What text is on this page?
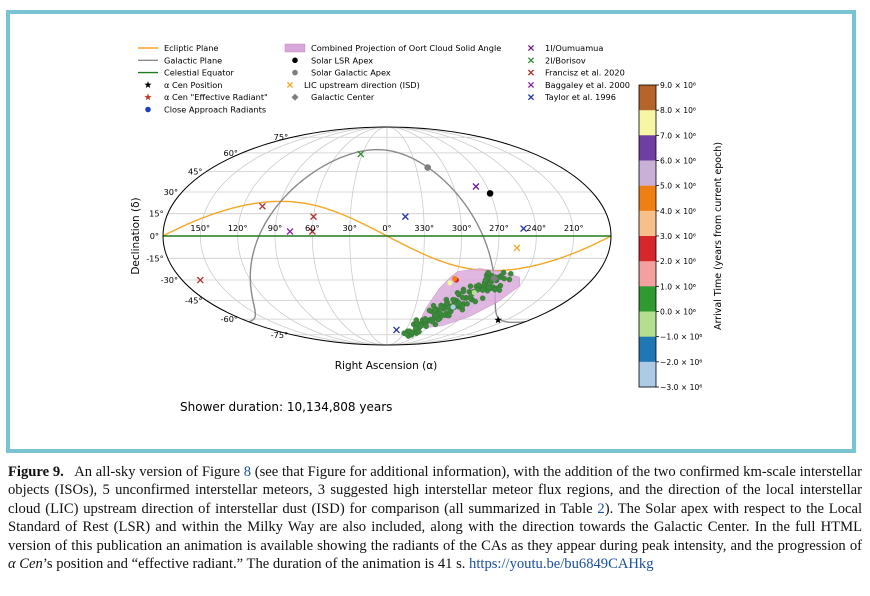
150° 120° 90°	60°	30°	0°	330° 300° 270° 240° 210°
75°
60°
45°
30°
15°
0°
-15°
-30°
-45°
-60°
-75°
Right Ascension (α)
Declination (δ)
Ecliptic Plane
Galactic Plane
Celestial Equator
α Cen Position
α Cen "Effective Radiant"
Close Approach Radiants
Combined Projection of Oort Cloud Solid Angle
Solar LSR Apex
Solar Galactic Apex
LIC upstream direction (ISD)
Galactic Center
1I/Oumuamua
2I/Borisov
Francisz et al. 2020
Baggaley et al. 2000
Taylor et al. 1996
9.0 × 10⁶
8.0 × 10⁶
7.0 × 10⁶
6.0 × 10⁶
5.0 × 10⁶
4.0 × 10⁶
3.0 × 10⁶
2.0 × 10⁶
1.0 × 10⁶
0.0 × 10⁶
−1.0 × 10⁶
−2.0 × 10⁶
−3.0 × 10⁶
Arrival Time (years from current epoch)
Shower duration: 10,134,808 years
Figure 9. An all-sky version of Figure 8 (see that Figure for additional information), with the addition of the two confirmed km-scale interstellar objects (ISOs), 5 unconfirmed interstellar meteors, 3 suggested high interstellar meteor flux regions, and the direction of the local interstellar cloud (LIC) upstream direction of interstellar dust (ISD) for comparison (all summarized in Table 2). The Solar apex with respect to the Local Standard of Rest (LSR) and within the Milky Way are also included, along with the direction towards the Galactic Center. In the full HTML version of this publication an animation is available showing the radiants of the CAs as they appear during peak intensity, and the progression of α Cen’s position and “effective radiant.” The duration of the animation is 41 s. https://youtu.be/bu6849CAHkg
